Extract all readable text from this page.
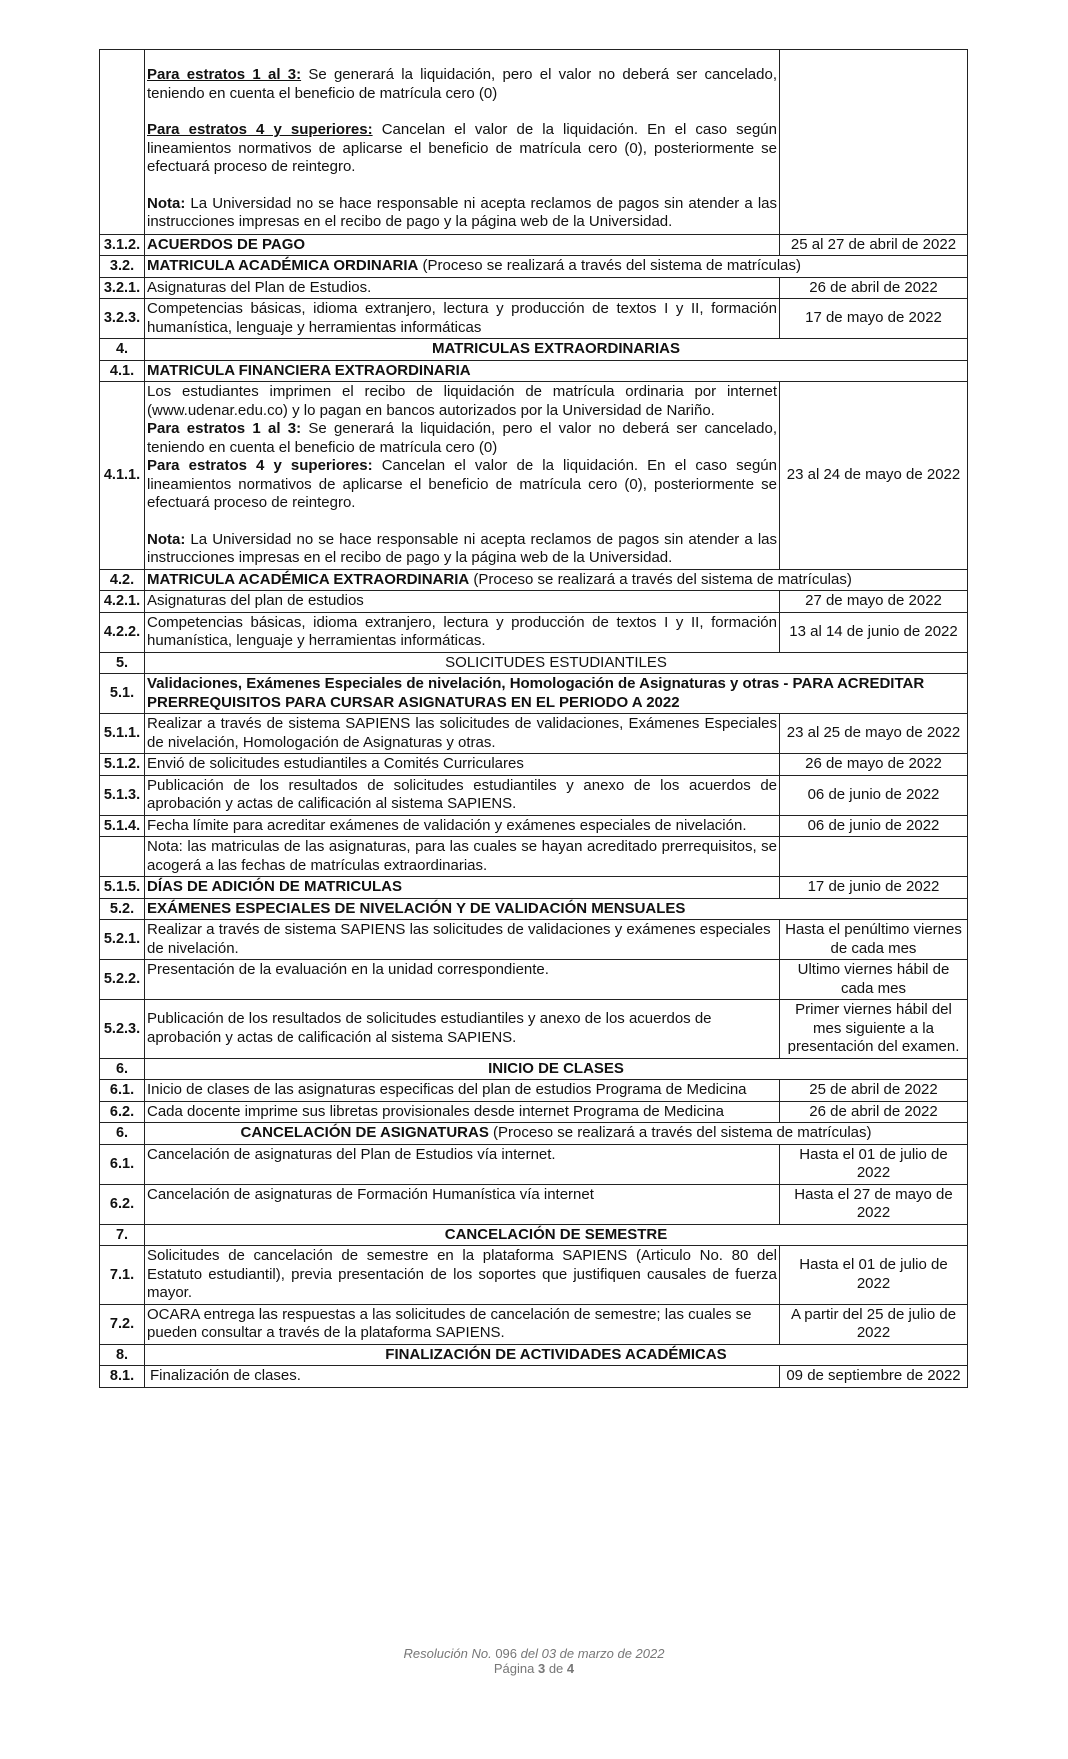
	Para estratos 1 al 3: Se generará la liquidación, pero el valor no deberá ser cancelado, teniendo en cuenta el beneficio de matrícula cero (0)
Para estratos 4 y superiores: Cancelan el valor de la liquidación. En el caso según lineamientos normativos de aplicarse el beneficio de matrícula cero (0), posteriormente se efectuará proceso de reintegro.
Nota: La Universidad no se hace responsable ni acepta reclamos de pagos sin atender a las instrucciones impresas en el recibo de pago y la página web de la Universidad.	

3.1.2.	ACUERDOS DE PAGO	25 al 27 de abril de 2022
3.2.	MATRICULA ACADÉMICA ORDINARIA (Proceso se realizará a través del sistema de matrículas)	
3.2.1.	Asignaturas del Plan de Estudios.	26 de abril de 2022
3.2.3.	Competencias básicas, idioma extranjero, lectura y producción de textos I y II, formación humanística, lenguaje y herramientas informáticas	17 de mayo de 2022
4.	MATRICULAS EXTRAORDINARIAS	
4.1.	MATRICULA FINANCIERA EXTRAORDINARIA	
4.1.1.	Los estudiantes imprimen el recibo de liquidación de matrícula ordinaria por internet (www.udenar.edu.co) y lo pagan en bancos autorizados por la Universidad de Nariño.
Para estratos 1 al 3: Se generará la liquidación, pero el valor no deberá ser cancelado, teniendo en cuenta el beneficio de matrícula cero (0)
Para estratos 4 y superiores: Cancelan el valor de la liquidación. En el caso según lineamientos normativos de aplicarse el beneficio de matrícula cero (0), posteriormente se efectuará proceso de reintegro.
Nota: La Universidad no se hace responsable ni acepta reclamos de pagos sin atender a las instrucciones impresas en el recibo de pago y la página web de la Universidad.	23 al 24 de mayo de 2022
4.2.	MATRICULA ACADÉMICA EXTRAORDINARIA (Proceso se realizará a través del sistema de matrículas)	
4.2.1.	Asignaturas del plan de estudios	27 de mayo de 2022
4.2.2.	Competencias básicas, idioma extranjero, lectura y producción de textos I y II, formación humanística, lenguaje y herramientas informáticas.	13 al 14 de junio de 2022
5.	SOLICITUDES ESTUDIANTILES	
5.1.	Validaciones, Exámenes Especiales de nivelación, Homologación de Asignaturas y otras - PARA ACREDITAR PRERREQUISITOS PARA CURSAR ASIGNATURAS EN EL PERIODO A 2022	
5.1.1.	Realizar a través de sistema SAPIENS las solicitudes de validaciones, Exámenes Especiales de nivelación, Homologación de Asignaturas y otras.	23 al 25 de mayo de 2022
5.1.2.	Envió de solicitudes estudiantiles a Comités Curriculares	26 de mayo de 2022
5.1.3.	Publicación de los resultados de solicitudes estudiantiles y anexo de los acuerdos de aprobación y actas de calificación al sistema SAPIENS.	06 de junio de 2022
5.1.4.	Fecha límite para acreditar exámenes de validación y exámenes especiales de nivelación.	06 de junio de 2022
	Nota: las matriculas de las asignaturas, para las cuales se hayan acreditado prerrequisitos, se acogerá a las fechas de matrículas extraordinarias.	
5.1.5.	DÍAS DE ADICIÓN DE MATRICULAS	17 de junio de 2022
5.2.	EXÁMENES ESPECIALES DE NIVELACIÓN Y DE VALIDACIÓN MENSUALES	
5.2.1.	Realizar a través de sistema SAPIENS las solicitudes de validaciones y exámenes especiales de nivelación.	Hasta el penúltimo viernes de cada mes
5.2.2.	Presentación de la evaluación en la unidad correspondiente.	Ultimo viernes hábil de cada mes
5.2.3.	Publicación de los resultados de solicitudes estudiantiles y anexo de los acuerdos de aprobación y actas de calificación al sistema SAPIENS.	Primer viernes hábil del mes siguiente a la presentación del examen.
6.	INICIO DE CLASES	
6.1.	Inicio de clases de las asignaturas especificas del plan de estudios Programa de Medicina	25 de abril de 2022
6.2.	Cada docente imprime sus libretas provisionales desde internet Programa de Medicina	26 de abril de 2022
6.	CANCELACIÓN DE ASIGNATURAS (Proceso se realizará a través del sistema de matrículas)	
6.1.	Cancelación de asignaturas del Plan de Estudios vía internet.	Hasta el 01 de julio de 2022
6.2.	Cancelación de asignaturas de Formación Humanística vía internet	Hasta el 27 de mayo de 2022
7.	CANCELACIÓN DE SEMESTRE	
7.1.	Solicitudes de cancelación de semestre en la plataforma SAPIENS (Articulo No. 80 del Estatuto estudiantil), previa presentación de los soportes que justifiquen causales de fuerza mayor.	Hasta el 01 de julio de 2022
7.2.	OCARA entrega las respuestas a las solicitudes de cancelación de semestre; las cuales se pueden consultar a través de la plataforma SAPIENS.	A partir del 25 de julio de 2022
8.	FINALIZACIÓN DE ACTIVIDADES ACADÉMICAS	
8.1.	Finalización de clases.	09 de septiembre de 2022
Resolución No. 096 del 03 de marzo de 2022
Página 3 de 4
